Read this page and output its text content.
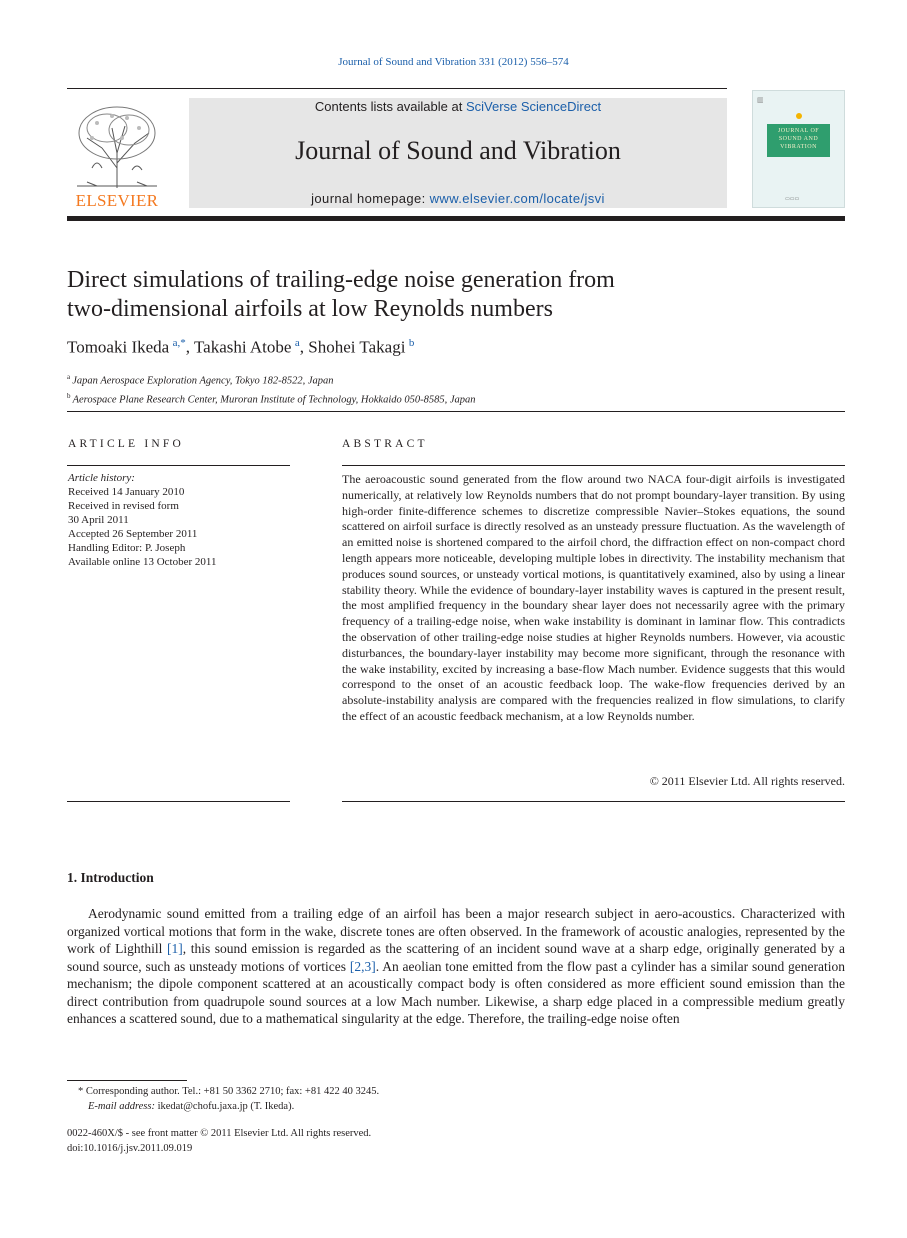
Journal of Sound and Vibration 331 (2012) 556–574
ELSEVIER
Contents lists available at SciVerse ScienceDirect
Journal of Sound and Vibration
journal homepage: www.elsevier.com/locate/jsvi
▥
JOURNAL OF SOUND AND VIBRATION
▭▭▭
Direct simulations of trailing-edge noise generation from
two-dimensional airfoils at low Reynolds numbers
Tomoaki Ikeda  $^{a,*}$, Takashi Atobe  $^a$, Shohei Takagi  $^b$
$^a$  Japan Aerospace Exploration Agency, Tokyo 182-8522, Japan
$^b$  Aerospace Plane Research Center, Muroran Institute of Technology, Hokkaido 050-8585, Japan
ARTICLE INFO
Article history:
Received 14 January 2010
Received in revised form
30 April 2011
Accepted 26 September 2011
Handling Editor: P. Joseph
Available online 13 October 2011
ABSTRACT
The aeroacoustic sound generated from the flow around two NACA four-digit airfoils is investigated numerically, at relatively low Reynolds numbers that do not prompt boundary-layer transition. By using high-order finite-difference schemes to discretize compressible Navier–Stokes equations, the sound scattered on airfoil surface is directly resolved as an unsteady pressure fluctuation. As the wavelength of an emitted noise is shortened compared to the airfoil chord, the diffraction effect on non-compact chord length appears more noticeable, developing multiple lobes in directivity. The instability mechanism that produces sound sources, or unsteady vortical motions, is quantitatively examined, also by using a linear stability theory. While the evidence of boundary-layer instability waves is captured in the present result, the most amplified frequency in the boundary shear layer does not necessarily agree with the primary frequency of a trailing-edge noise, when wake instability is dominant in laminar flow. This contradicts the observation of other trailing-edge noise studies at higher Reynolds numbers. However, via acoustic disturbances, the boundary-layer instability may become more significant, through the resonance with the wake instability, excited by increasing a base-flow Mach number. Evidence suggests that this would correspond to the onset of an acoustic feedback loop. The wake-flow frequencies derived by an absolute-instability analysis are compared with the frequencies realized in flow simulations, to clarify the effect of an acoustic feedback mechanism, at a low Reynolds number.
© 2011 Elsevier Ltd. All rights reserved.
1. Introduction
Aerodynamic sound emitted from a trailing edge of an airfoil has been a major research subject in aero-acoustics. Characterized with organized vortical motions that form in the wake, discrete tones are often observed. In the framework of acoustic analogies, represented by the work of Lighthill [1], this sound emission is regarded as the scattering of an incident sound wave at a sharp edge, originally generated by a sound source, such as unsteady motions of vortices [2,3]. An aeolian tone emitted from the flow past a cylinder has a similar sound generation mechanism; the dipole component scattered at an acoustically compact body is often considered as more efficient sound emission than the direct contribution from quadrupole sound sources at a low Mach number. Likewise, a sharp edge placed in a compressible medium greatly enhances a scattered sound, due to a mathematical singularity at the edge. Therefore, the trailing-edge noise often
* Corresponding author. Tel.: +81 50 3362 2710; fax: +81 422 40 3245.
E-mail address: ikedat@chofu.jaxa.jp (T. Ikeda).
0022-460X/$ - see front matter © 2011 Elsevier Ltd. All rights reserved.
doi:10.1016/j.jsv.2011.09.019
